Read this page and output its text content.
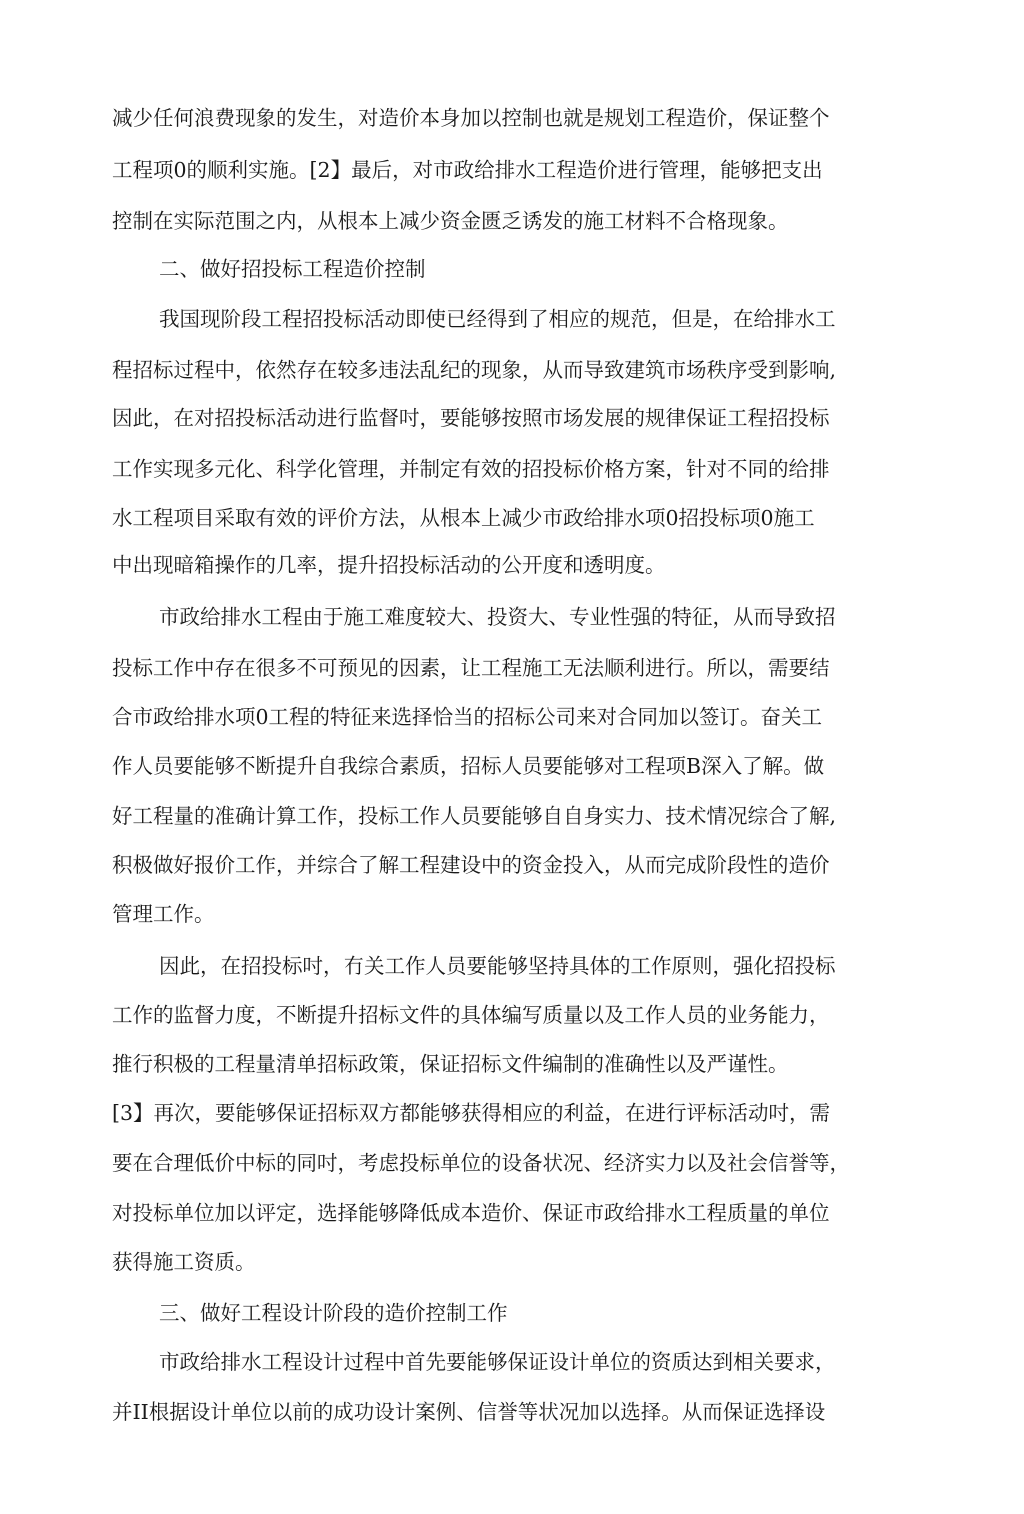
减少任何浪费现象的发生，对造价本身加以控制也就是规划工程造价，保证整个

工程项0的顺利实施。[2】最后，对市政给排水工程造价进行管理，能够把支出

控制在实际范围之内，从根本上减少资金匮乏诱发的施工材料不合格现象。

二、做好招投标工程造价控制

我国现阶段工程招投标活动即使已经得到了相应的规范，但是，在给排水工

程招标过程中，依然存在较多违法乱纪的现象，从而导致建筑市场秩序受到影响,

因此，在对招投标活动进行监督吋，要能够按照市场发展的规律保证工程招投标

工作实现多元化、科学化管理，并制定有效的招投标价格方案，针对不同的给排

水工程项目采取有效的评价方法，从根本上减少市政给排水项0招投标项0施工

中出现暗箱操作的几率，提升招投标活动的公开度和透明度。

市政给排水工程由于施工难度较大、投资大、专业性强的特征，从而导致招

投标工作中存在很多不可预见的因素，让工程施工无法顺利进行。所以，需要结

合市政给排水项0工程的特征来选择恰当的招标公司来对合同加以签订。奋关工

作人员要能够不断提升自我综合素质，招标人员要能够对工程项B深入了解。做

好工程量的准确计算工作，投标工作人员要能够自自身实力、技术情况综合了解,

积极做好报价工作，并综合了解工程建设中的资金投入，从而完成阶段性的造价

管理工作。

因此，在招投标吋，冇关工作人员要能够坚持具体的工作原则，强化招投标

工作的监督力度，不断提升招标文件的具体编写质量以及工作人员的业务能力，

推行积极的工程量清单招标政策，保证招标文件编制的准确性以及严谨性。

[3】再次，要能够保证招标双方都能够获得相应的利益，在进行评标活动吋，需

要在合理低价中标的同吋，考虑投标单位的设备状况、经济实力以及社会信誉等，

对投标单位加以评定，选择能够降低成本造价、保证市政给排水工程质量的单位

获得施工资质。

三、做好工程设计阶段的造价控制工作

市政给排水工程设计过程中首先要能够保证设计单位的资质达到相关要求，

并II根据设计单位以前的成功设计案例、信誉等状况加以选择。从而保证选择设
